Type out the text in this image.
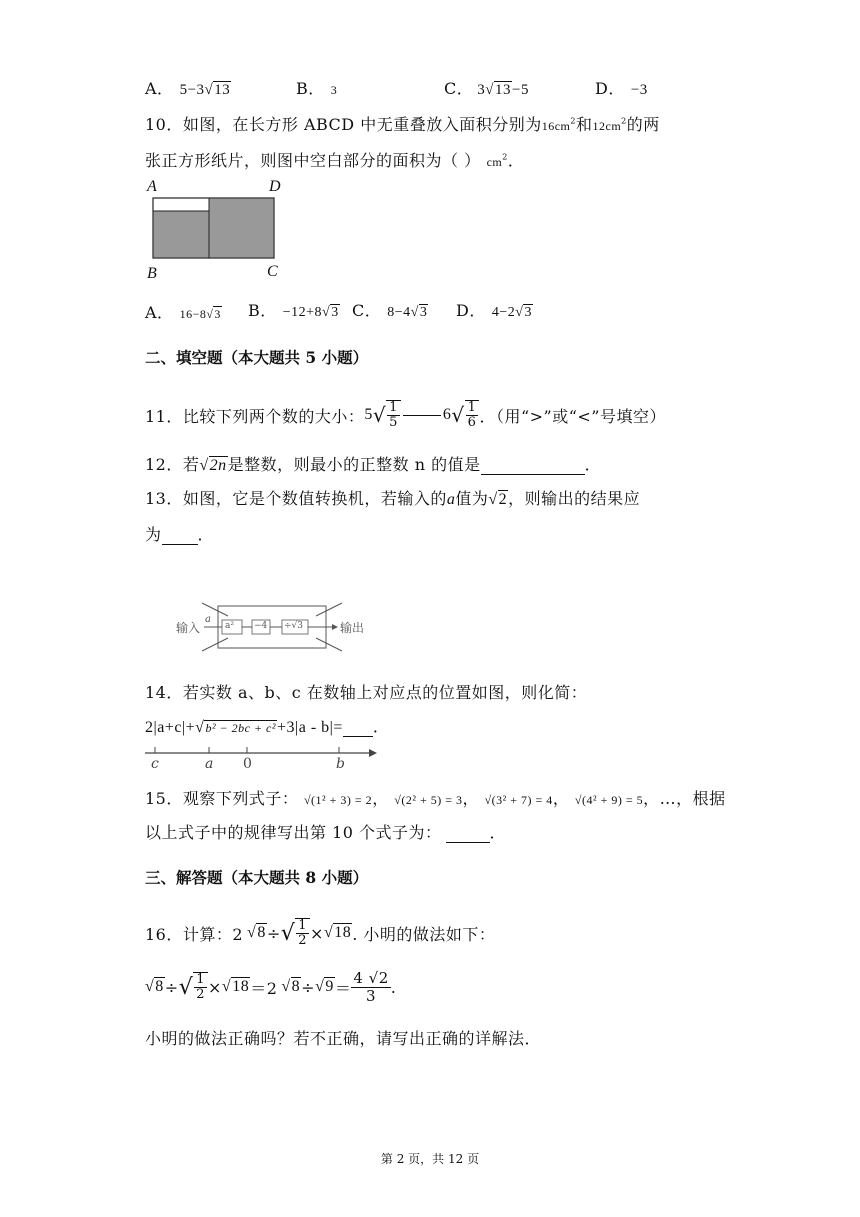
A． 5−3√13	B． 3	C． 3√13−5	D． −3
10．如图，在长方形 ABCD 中无重叠放入面积分别为$16cm^2$和$12cm^2$的两
张正方形纸片，则图中空白部分的面积为（ ） $cm^2$．
A	D
B	C
A． 16−8√3 B． −12+8√3 C． 8−4√3 D． 4−2√3
二、填空题（本大题共 5 小题）
11．比较下列两个数的大小： 5 √ $\frac{1}{5}$	6 √ $\frac{1}{6}$ ．（用“>”或“<”号填空）
12．若√2n是整数，则最小的正整数 n 的值是	．
13．如图，它是个数值转换机，若输入的a值为√2，则输出的结果应
为 ．
输入
a
a² −4 ÷√3	输出
14．若实数 a、b、c 在数轴上对应点的位置如图，则化简：
2|a+c|+√b² − 2bc + c²+3|a ‑ b|= ．
c	a 0	b
15．观察下列式子： √(1² + 3) = 2， √(2² + 5) = 3， √(3² + 7) = 4， √(4² + 9) = 5，…，根据
以上式子中的规律写出第 10 个式子为：	．
三、解答题（本大题共 8 小题）
16．计算：2 √8 ÷ √ $\frac{1}{2} \times √18$ . 小明的做法如下：
√8 ÷ √ $\frac{1}{2} \times √18 =2$ $√8 \div √9 = \frac{4 √2}{3}$ .
小明的做法正确吗？若不正确，请写出正确的详解法．
第 2 页，共 12 页
